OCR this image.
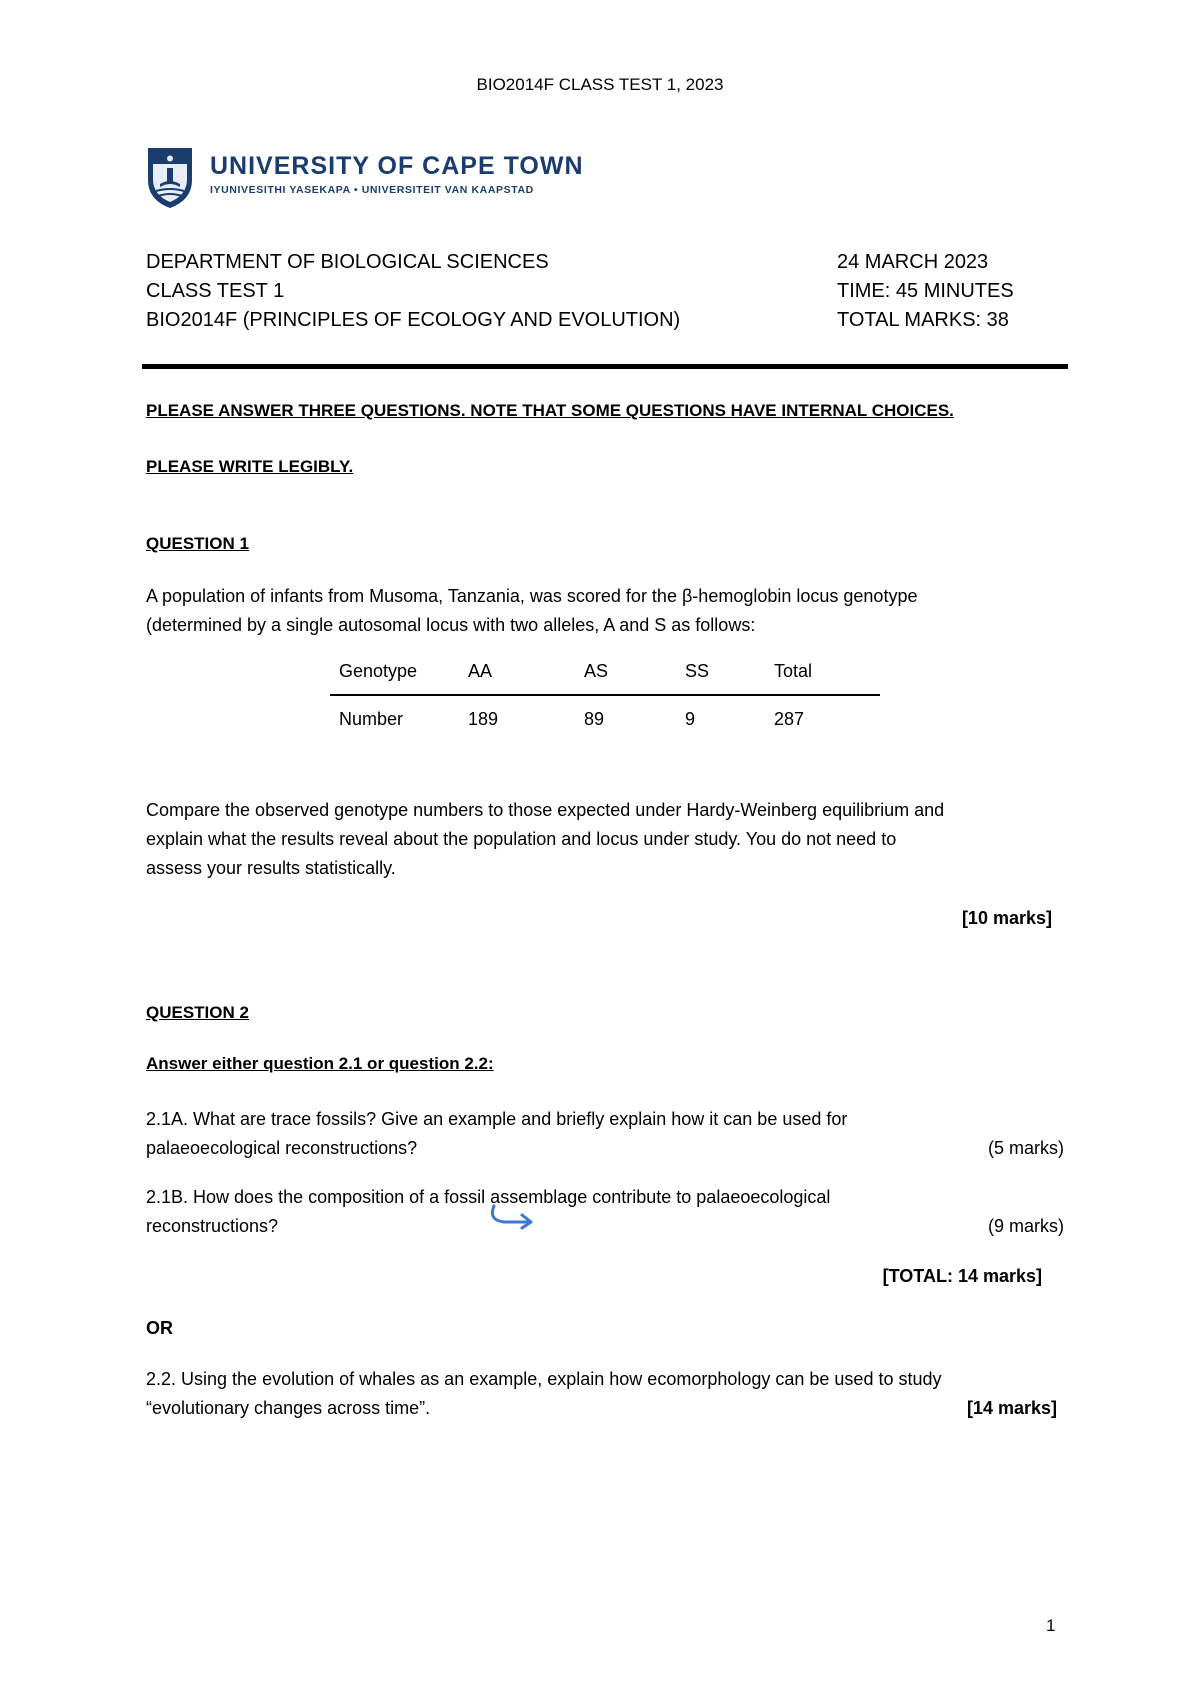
BIO2014F CLASS TEST 1, 2023
UNIVERSITY OF CAPE TOWN
IYUNIVESITHI YASEKAPA • UNIVERSITEIT VAN KAAPSTAD
DEPARTMENT OF BIOLOGICAL SCIENCES
CLASS TEST 1
BIO2014F (PRINCIPLES OF ECOLOGY AND EVOLUTION)
24 MARCH 2023
TIME: 45 MINUTES
TOTAL MARKS: 38
PLEASE ANSWER THREE QUESTIONS. NOTE THAT SOME QUESTIONS HAVE INTERNAL CHOICES.
PLEASE WRITE LEGIBLY.
QUESTION 1
A population of infants from Musoma, Tanzania, was scored for the β-hemoglobin locus genotype
(determined by a single autosomal locus with two alleles, A and S as follows:
	Genotype	AA	AS	SS	Total
	Number	189	89	9	287
Compare the observed genotype numbers to those expected under Hardy-Weinberg equilibrium and
explain what the results reveal about the population and locus under study. You do not need to
assess your results statistically.
[10 marks]
QUESTION 2
Answer either question 2.1 or question 2.2:
2.1A. What are trace fossils? Give an example and briefly explain how it can be used for
palaeoecological reconstructions?	(5 marks)
2.1B. How does the composition of a fossil assemblage contribute to palaeoecological
reconstructions?	(9 marks)
[TOTAL: 14 marks]
OR
2.2. Using the evolution of whales as an example, explain how ecomorphology can be used to study
“evolutionary changes across time”.	[14 marks]
1
